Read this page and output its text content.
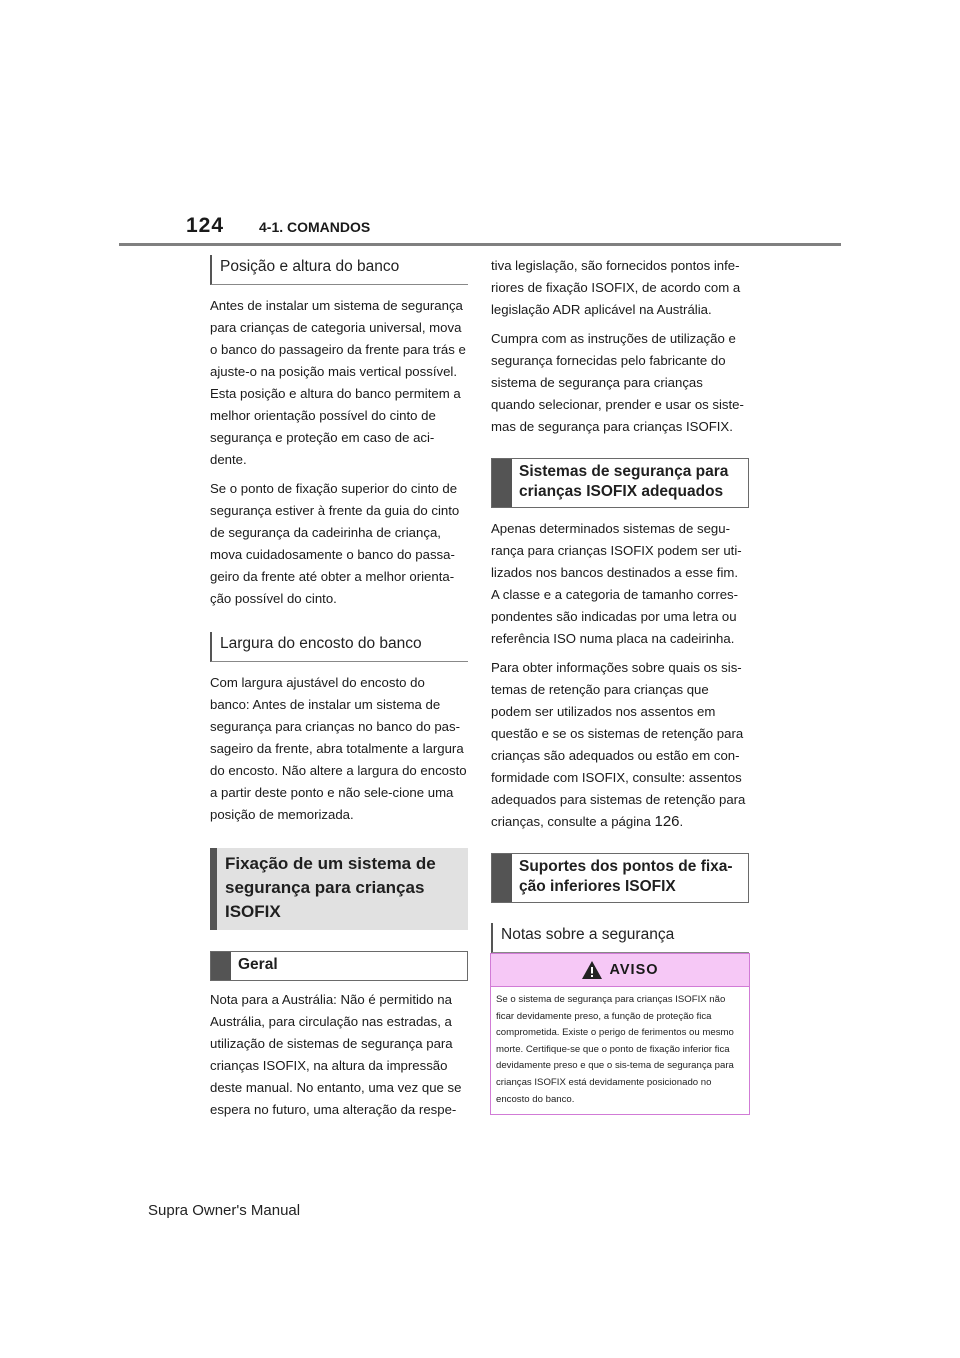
124 4-1. COMANDOS
Posição e altura do banco

Antes de instalar um sistema de segurança para crianças de categoria universal, mova o banco do passageiro da frente para trás e ajuste-o na posição mais vertical possível. Esta posição e altura do banco permitem a melhor orientação possível do cinto de segurança e proteção em caso de aci-dente.

Se o ponto de fixação superior do cinto de segurança estiver à frente da guia do cinto de segurança da cadeirinha de criança, mova cuidadosamente o banco do passa-geiro da frente até obter a melhor orienta-ção possível do cinto.

Largura do encosto do banco

Com largura ajustável do encosto do banco: Antes de instalar um sistema de segurança para crianças no banco do pas-sageiro da frente, abra totalmente a largura do encosto. Não altere a largura do encosto a partir deste ponto e não sele-cione uma posição de memorizada.

Fixação de um sistema de segurança para crianças ISOFIX
Geral

Nota para a Austrália: Não é permitido na Austrália, para circulação nas estradas, a utilização de sistemas de segurança para crianças ISOFIX, na altura da impressão deste manual. No entanto, uma vez que se espera no futuro, uma alteração da respe-

tiva legislação, são fornecidos pontos infe-riores de fixação ISOFIX, de acordo com a legislação ADR aplicável na Austrália.

Cumpra com as instruções de utilização e segurança fornecidas pelo fabricante do sistema de segurança para crianças quando selecionar, prender e usar os siste-mas de segurança para crianças ISOFIX.

Sistemas de segurança para crianças ISOFIX adequados

Apenas determinados sistemas de segu-rança para crianças ISOFIX podem ser uti-lizados nos bancos destinados a esse fim. A classe e a categoria de tamanho corres-pondentes são indicadas por uma letra ou referência ISO numa placa na cadeirinha.

Para obter informações sobre quais os sis-temas de retenção para crianças que podem ser utilizados nos assentos em questão e se os sistemas de retenção para crianças são adequados ou estão em con-formidade com ISOFIX, consulte: assentos adequados para sistemas de retenção para crianças, consulte a página 126.

Suportes dos pontos de fixa-ção inferiores ISOFIX
Notas sobre a segurança
AVISO
Se o sistema de segurança para crianças ISOFIX não ficar devidamente preso, a função de proteção fica comprometida. Existe o perigo de ferimentos ou mesmo morte. Certifique-se que o ponto de fixação inferior fica devidamente preso e que o sis-tema de segurança para crianças ISOFIX está devidamente posicionado no encosto do banco.
Supra Owner's Manual
